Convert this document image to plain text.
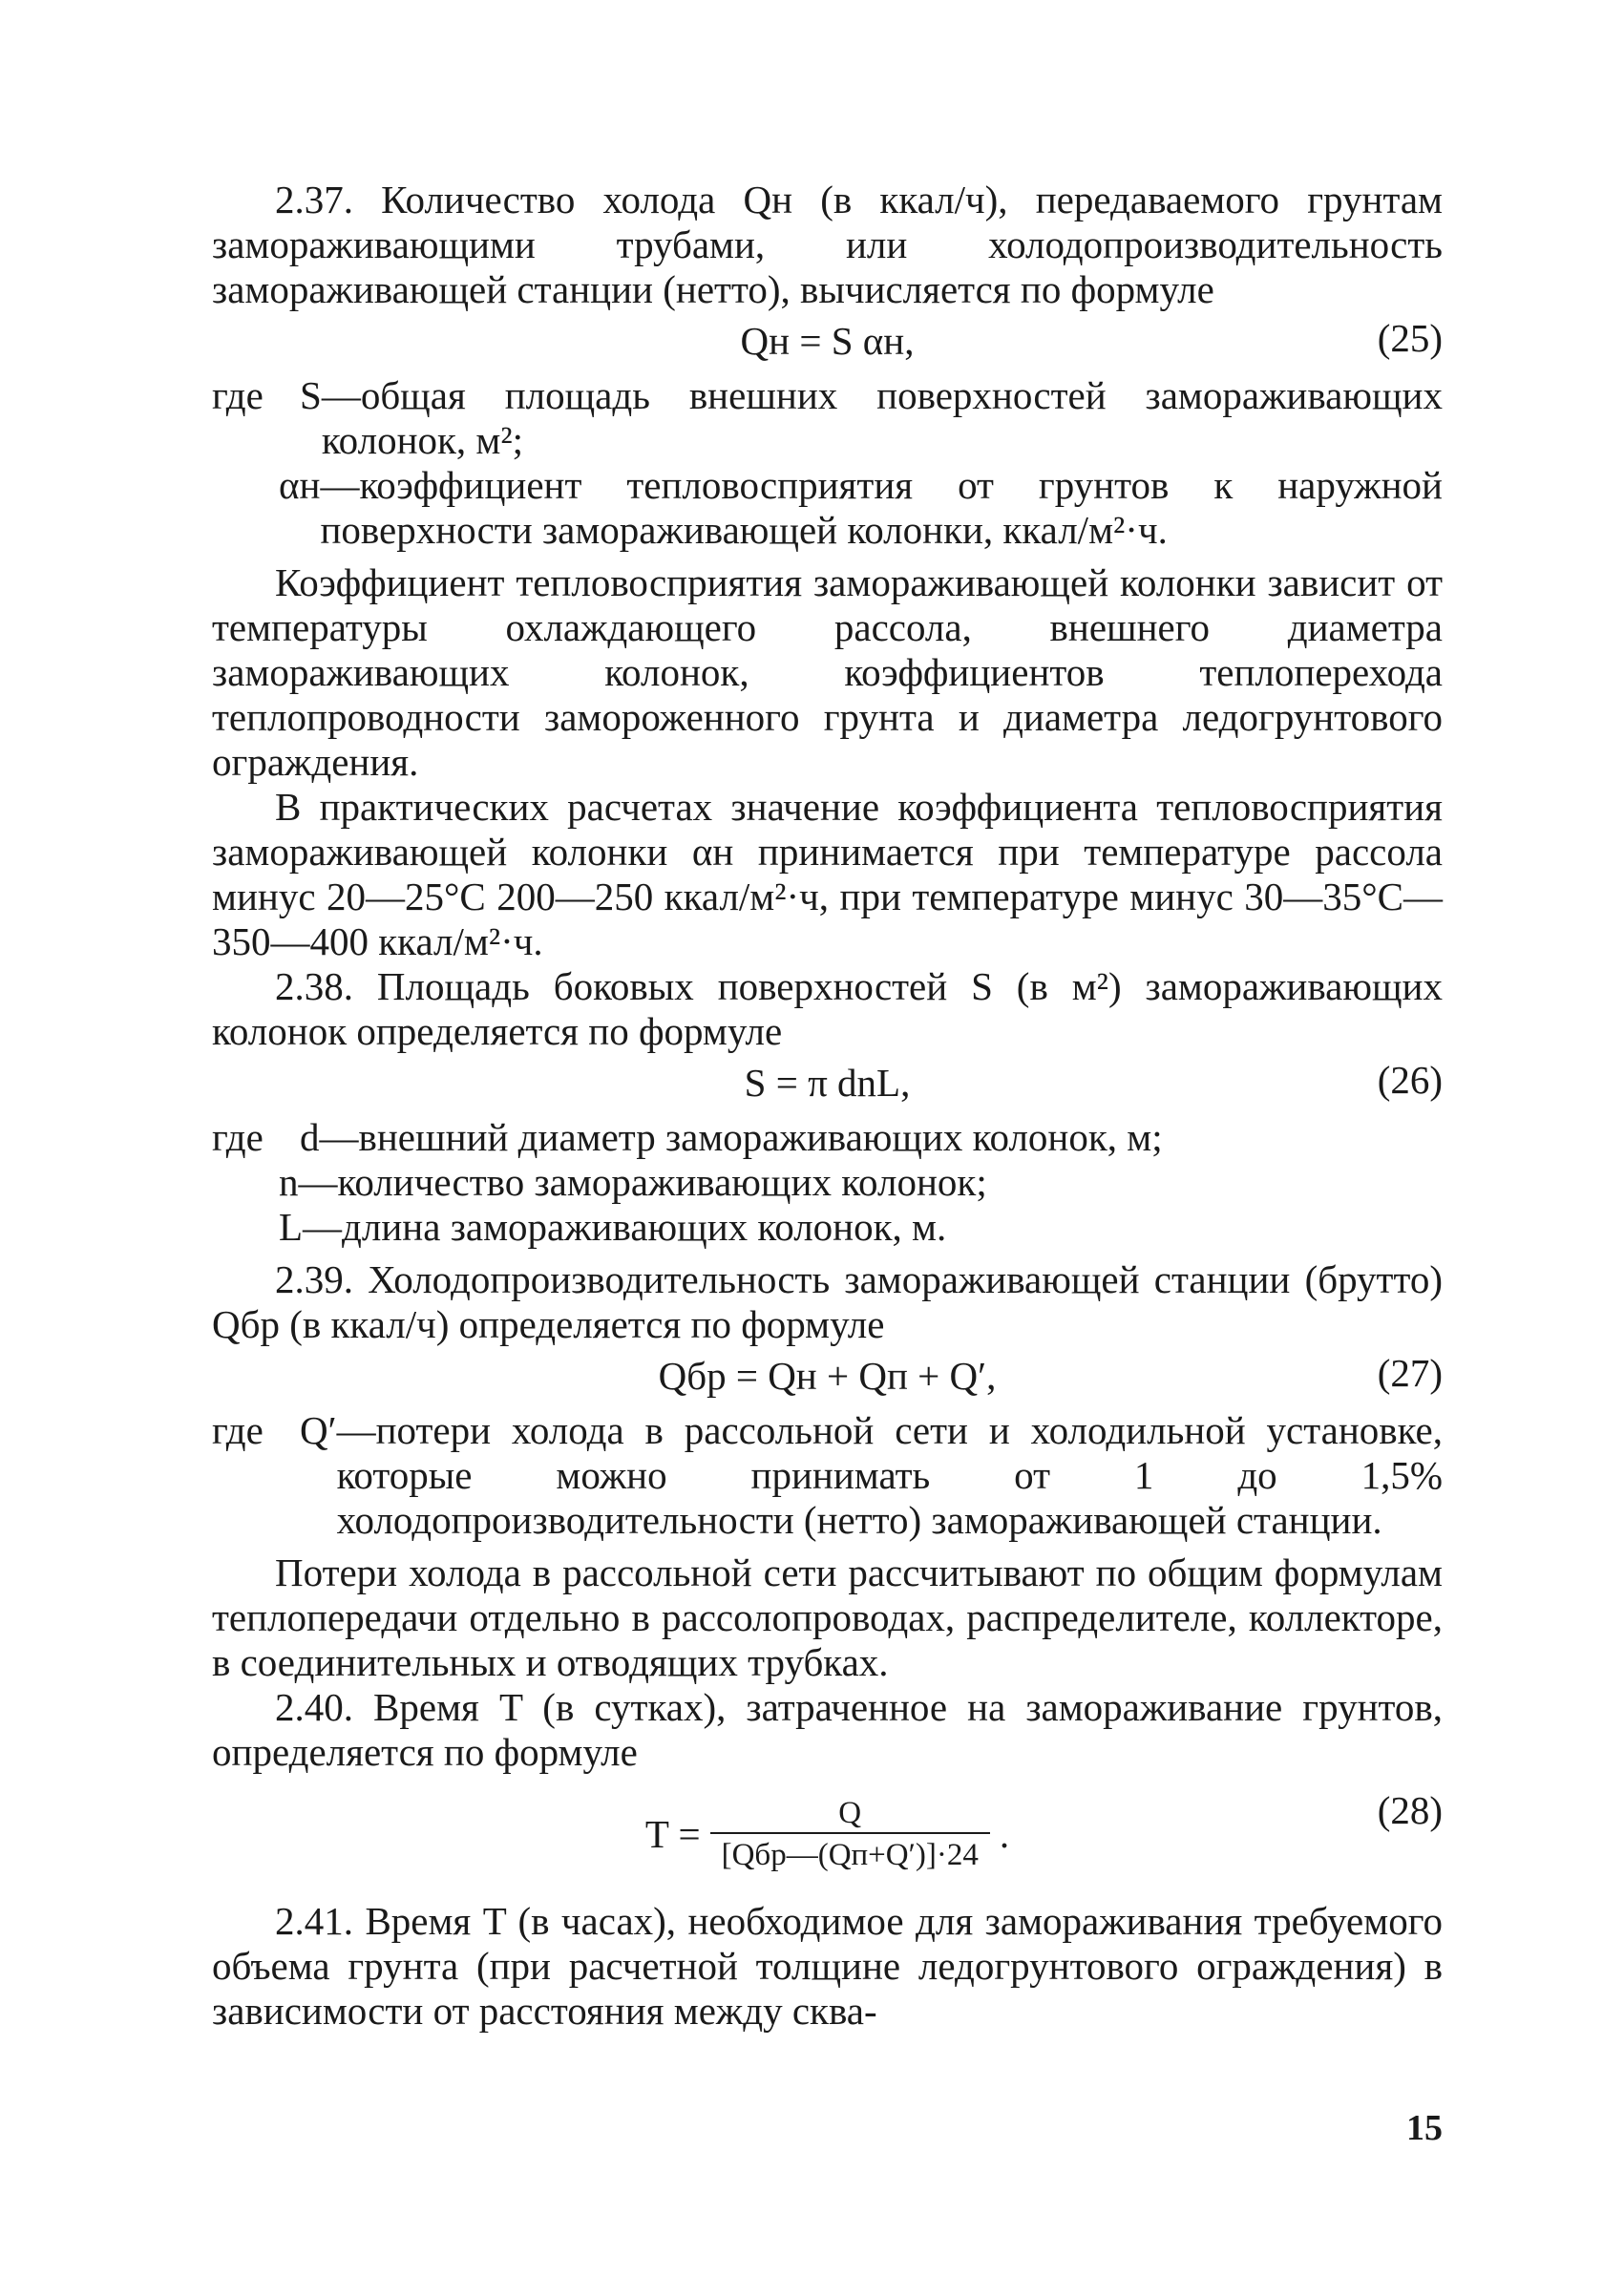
2.37. Количество холода Qн (в ккал/ч), передаваемого грунтам замораживающими трубами, или холодопроизводительность замораживающей станции (нетто), вычисляется по формуле

Qн = S αн,	(25)
где S —общая площадь внешних поверхностей замораживающих колонок, м²;
αн —коэффициент тепловосприятия от грунтов к наружной поверхности замораживающей колонки, ккал/м²·ч.

Коэффициент тепловосприятия замораживающей колонки зависит от температуры охлаждающего рассола, внешнего диаметра замораживающих колонок, коэффициентов теплоперехода теплопроводности замороженного грунта и диаметра ледогрунтового ограждения.

В практических расчетах значение коэффициента тепловосприятия замораживающей колонки αн принимается при температуре рассола минус 20—25°C 200—250 ккал/м²·ч, при температуре минус 30—35°C—350—400 ккал/м²·ч.

2.38. Площадь боковых поверхностей S (в м²) замораживающих колонок определяется по формуле

S = π dnL,	(26)
где d —внешний диаметр замораживающих колонок, м;
n —количество замораживающих колонок;
L —длина замораживающих колонок, м.

2.39. Холодопроизводительность замораживающей станции (брутто) Qбр (в ккал/ч) определяется по формуле

Qбр = Qн + Qп + Q′,	(27)
где Q′ —потери холода в рассольной сети и холодильной установке, которые можно принимать от 1 до 1,5% холодопроизводительности (нетто) замораживающей станции.

Потери холода в рассольной сети рассчитывают по общим формулам теплопередачи отдельно в рассолопроводах, распределителе, коллекторе, в соединительных и отводящих трубках.

2.40. Время T (в сутках), затраченное на замораживание грунтов, определяется по формуле

$T = \frac{Q}{\text{[Qбр—(Qп+Q′)]·24}}$ .
(28)

2.41. Время T (в часах), необходимое для замораживания требуемого объема грунта (при расчетной толщине ледогрунтового ограждения) в зависимости от расстояния между сква-

15
